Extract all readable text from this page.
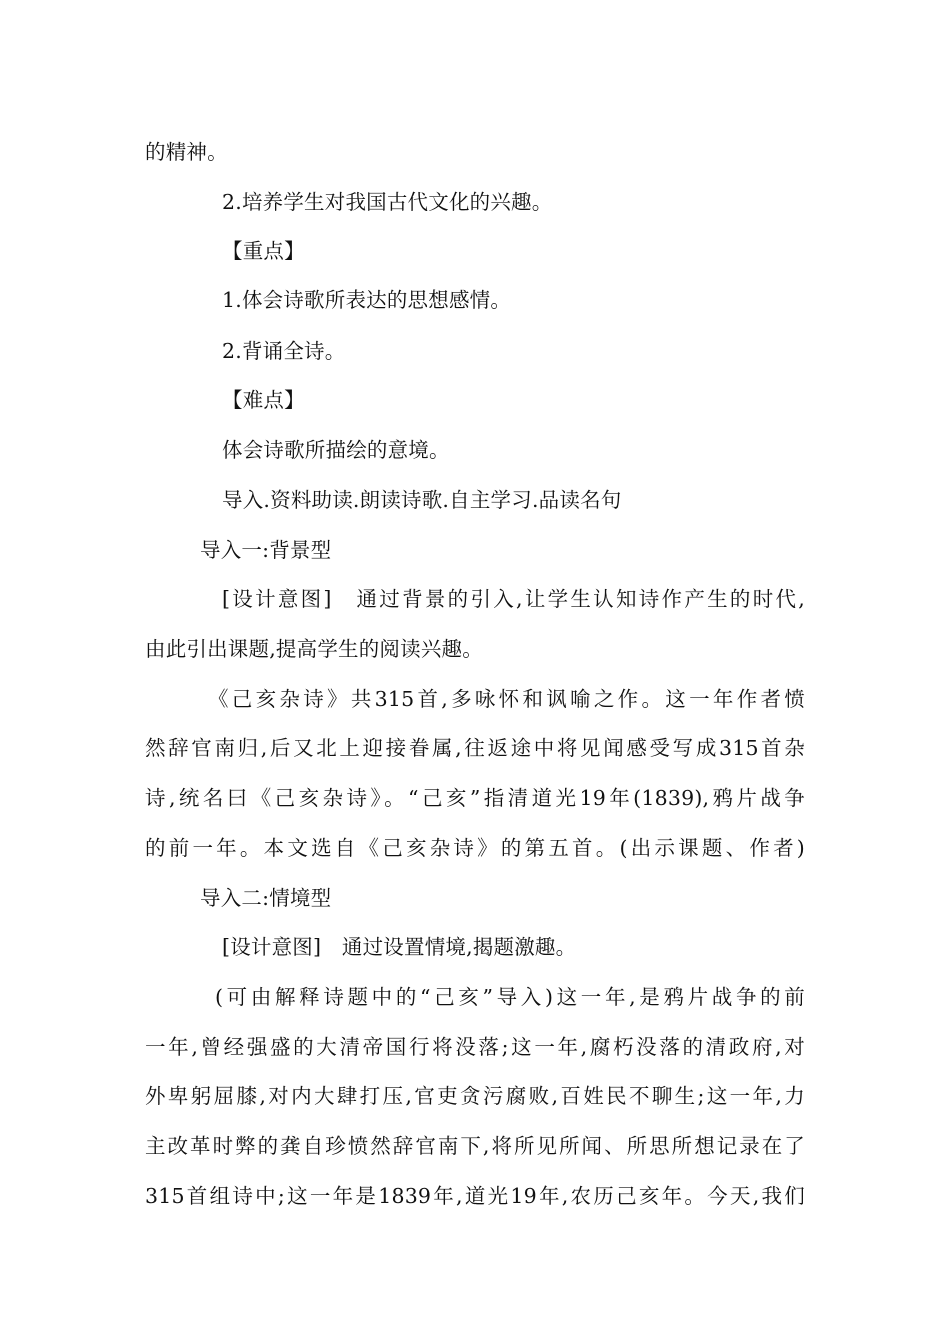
的精神。
2.培养学生对我国古代文化的兴趣。
【重点】
1.体会诗歌所表达的思想感情。
2.背诵全诗。
【难点】
体会诗歌所描绘的意境。
导入.资料助读.朗读诗歌.自主学习.品读名句
导入一:背景型
[设计意图]　通过背景的引入,让学生认知诗作产生的时代,
由此引出课题,提高学生的阅读兴趣。
《己亥杂诗》共315首,多咏怀和讽喻之作。这一年作者愤
然辞官南归,后又北上迎接眷属,往返途中将见闻感受写成315首杂
诗,统名曰《己亥杂诗》。“己亥”指清道光19年(1839),鸦片战争
的前一年。本文选自《己亥杂诗》的第五首。(出示课题、作者)
导入二:情境型
[设计意图]　通过设置情境,揭题激趣。
(可由解释诗题中的“己亥”导入)这一年,是鸦片战争的前
一年,曾经强盛的大清帝国行将没落;这一年,腐朽没落的清政府,对
外卑躬屈膝,对内大肆打压,官吏贪污腐败,百姓民不聊生;这一年,力
主改革时弊的龚自珍愤然辞官南下,将所见所闻、所思所想记录在了
315首组诗中;这一年是1839年,道光19年,农历己亥年。今天,我们
